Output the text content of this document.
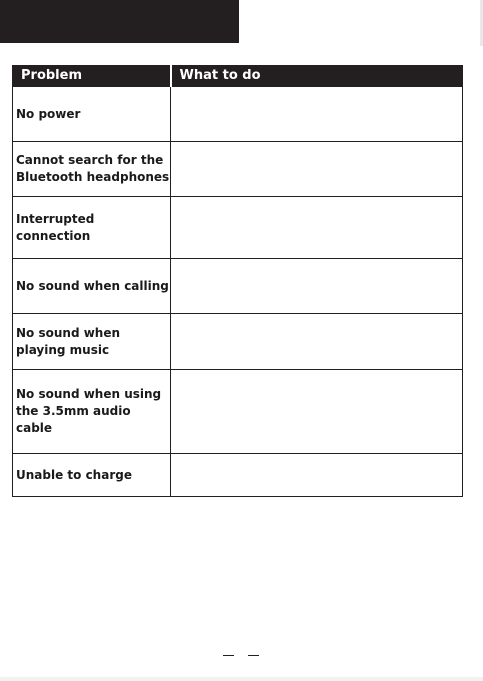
Problem	What to do
No power	
Cannot search for the Bluetooth headphones	
Interrupted connection	
No sound when calling	
No sound when playing music	
No sound when using the 3.5mm audio cable	
Unable to charge	
